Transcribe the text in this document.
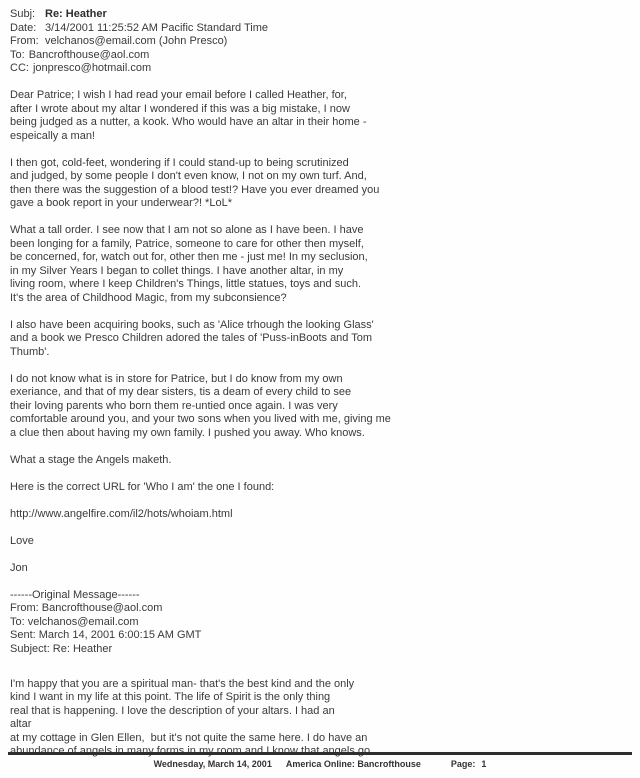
Subj: Re: Heather
Date: 3/14/2001 11:25:52 AM Pacific Standard Time
From: velchanos@email.com (John Presco)
To: Bancrofthouse@aol.com
CC: jonpresco@hotmail.com
Dear Patrice; I wish I had read your email before I called Heather, for,
after I wrote about my altar I wondered if this was a big mistake, I now
being judged as a nutter, a kook. Who would have an altar in their home -
espeically a man!
I then got, cold-feet, wondering if I could stand-up to being scrutinized
and judged, by some people I don't even know, I not on my own turf. And,
then there was the suggestion of a blood test!? Have you ever dreamed you
gave a book report in your underwear?! *LoL*
What a tall order. I see now that I am not so alone as I have been. I have
been longing for a family, Patrice, someone to care for other then myself,
be concerned, for, watch out for, other then me - just me! In my seclusion,
in my Silver Years I began to collet things. I have another altar, in my
living room, where I keep Children's Things, little statues, toys and such.
It's the area of Childhood Magic, from my subconsience?
I also have been acquiring books, such as 'Alice trhough the looking Glass'
and a book we Presco Children adored the tales of 'Puss-inBoots and Tom
Thumb'.
I do not know what is in store for Patrice, but I do know from my own
exeriance, and that of my dear sisters, tis a deam of every child to see
their loving parents who born them re-untied once again. I was very
comfortable around you, and your two sons when you lived with me, giving me
a clue then about having my own family. I pushed you away. Who knows.
What a stage the Angels maketh.
Here is the correct URL for 'Who I am' the one I found:
http://www.angelfire.com/il2/hots/whoiam.html
Love
Jon
------Original Message------
From: Bancrofthouse@aol.com
To: velchanos@email.com
Sent: March 14, 2001 6:00:15 AM GMT
Subject: Re: Heather
I'm happy that you are a spiritual man- that's the best kind and the only
kind I want in my life at this point. The life of Spirit is the only thing
real that is happening. I love the description of your altars. I had an
altar
at my cottage in Glen Ellen,  but it's not quite the same here. I do have an
abundance of angels in many forms in my room and I know that angels go
Wednesday, March 14, 2001 America Online: Bancrofthouse	Page: 1
